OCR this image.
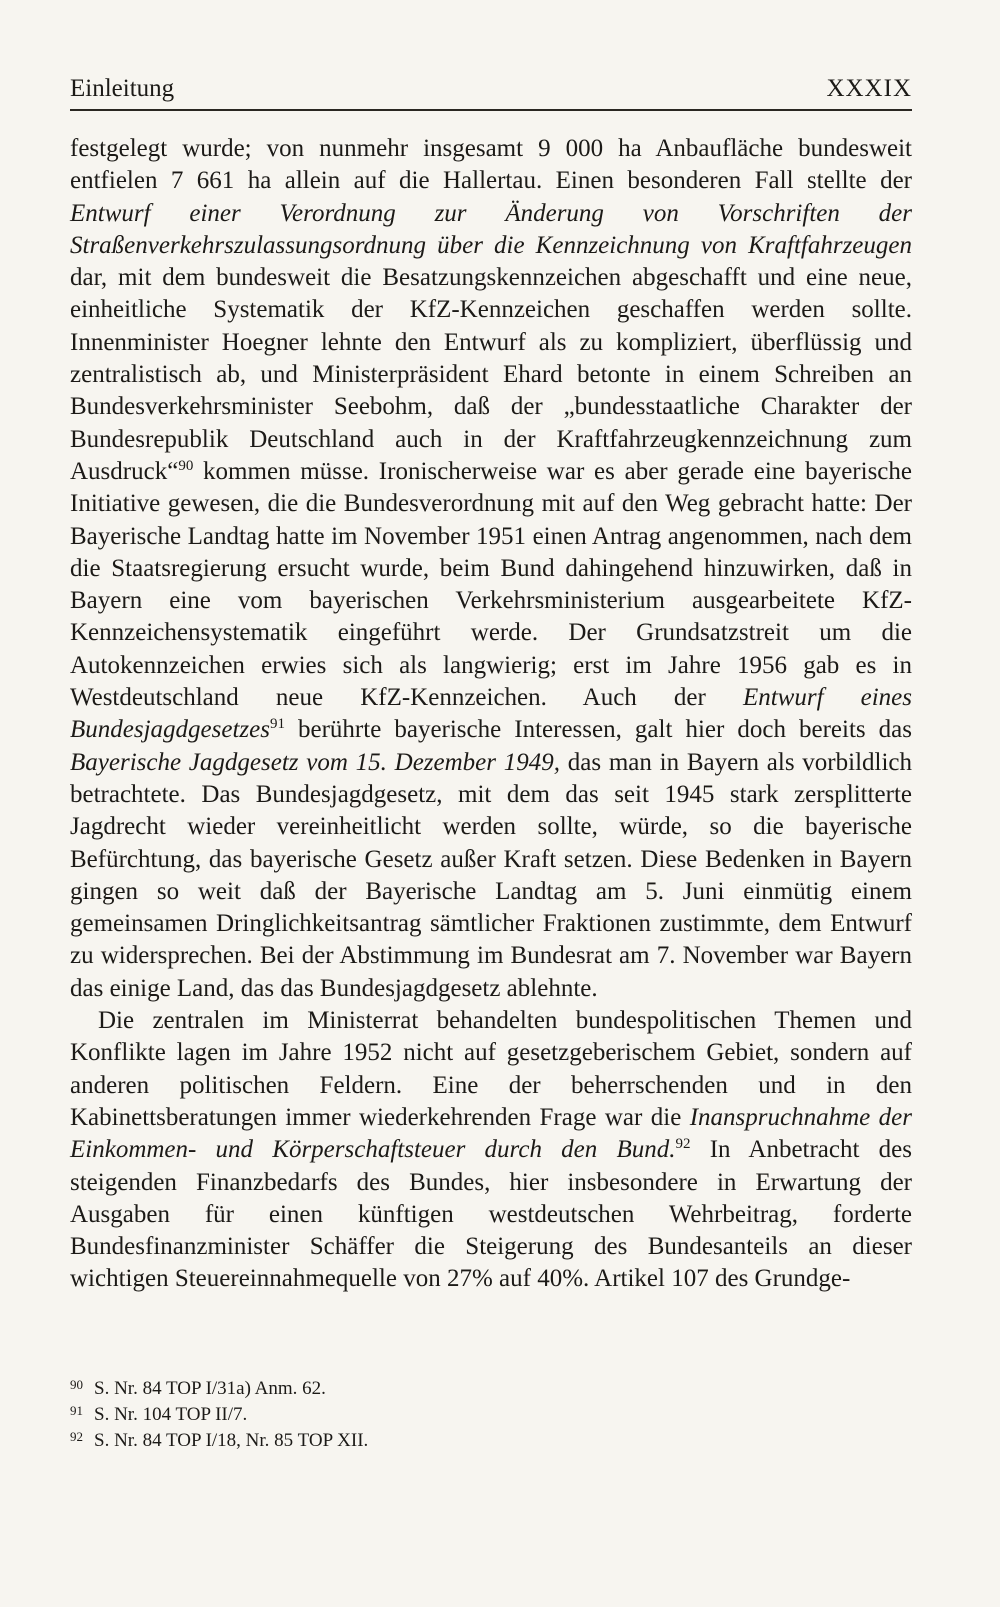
Einleitung	XXXIX

festgelegt wurde; von nunmehr insgesamt 9 000 ha Anbaufläche bundesweit entfielen 7 661 ha allein auf die Hallertau. Einen besonderen Fall stellte der Entwurf einer Verordnung zur Änderung von Vorschriften der Straßenverkehrszulassungsordnung über die Kennzeichnung von Kraftfahrzeugen dar, mit dem bundesweit die Besatzungskennzeichen abgeschafft und eine neue, einheitliche Systematik der KfZ-Kennzeichen geschaffen werden sollte. Innenminister Hoegner lehnte den Entwurf als zu kompliziert, überflüssig und zentralistisch ab, und Ministerpräsident Ehard betonte in einem Schreiben an Bundesverkehrsminister Seebohm, daß der „bundesstaatliche Charakter der Bundesrepublik Deutschland auch in der Kraftfahrzeugkennzeichnung zum Ausdruck“$^{90}$ kommen müsse. Ironischerweise war es aber gerade eine bayerische Initiative gewesen, die die Bundesverordnung mit auf den Weg gebracht hatte: Der Bayerische Landtag hatte im November 1951 einen Antrag angenommen, nach dem die Staatsregierung ersucht wurde, beim Bund dahingehend hinzuwirken, daß in Bayern eine vom bayerischen Verkehrsministerium ausgearbeitete KfZ-Kennzeichensystematik eingeführt werde. Der Grundsatzstreit um die Autokennzeichen erwies sich als langwierig; erst im Jahre 1956 gab es in Westdeutschland neue KfZ-Kennzeichen. Auch der Entwurf eines Bundesjagdgesetzes$^{91}$ berührte bayerische Interessen, galt hier doch bereits das Bayerische Jagdgesetz vom 15. Dezember 1949, das man in Bayern als vorbildlich betrachtete. Das Bundesjagdgesetz, mit dem das seit 1945 stark zersplitterte Jagdrecht wieder vereinheitlicht werden sollte, würde, so die bayerische Befürchtung, das bayerische Gesetz außer Kraft setzen. Diese Bedenken in Bayern gingen so weit daß der Bayerische Landtag am 5. Juni einmütig einem gemeinsamen Dringlichkeitsantrag sämtlicher Fraktionen zustimmte, dem Entwurf zu widersprechen. Bei der Abstimmung im Bundesrat am 7. November war Bayern das einige Land, das das Bundesjagdgesetz ablehnte.

Die zentralen im Ministerrat behandelten bundespolitischen Themen und Konflikte lagen im Jahre 1952 nicht auf gesetzgeberischem Gebiet, sondern auf anderen politischen Feldern. Eine der beherrschenden und in den Kabinettsberatungen immer wiederkehrenden Frage war die Inanspruchnahme der Einkommen- und Körperschaftsteuer durch den Bund.$^{92}$ In Anbetracht des steigenden Finanzbedarfs des Bundes, hier insbesondere in Erwartung der Ausgaben für einen künftigen westdeutschen Wehrbeitrag, forderte Bundesfinanzminister Schäffer die Steigerung des Bundesanteils an dieser wichtigen Steuereinnahmequelle von 27% auf 40%. Artikel 107 des Grundge-

90 S. Nr. 84 TOP I/31a) Anm. 62.
91 S. Nr. 104 TOP II/7.
92 S. Nr. 84 TOP I/18, Nr. 85 TOP XII.
